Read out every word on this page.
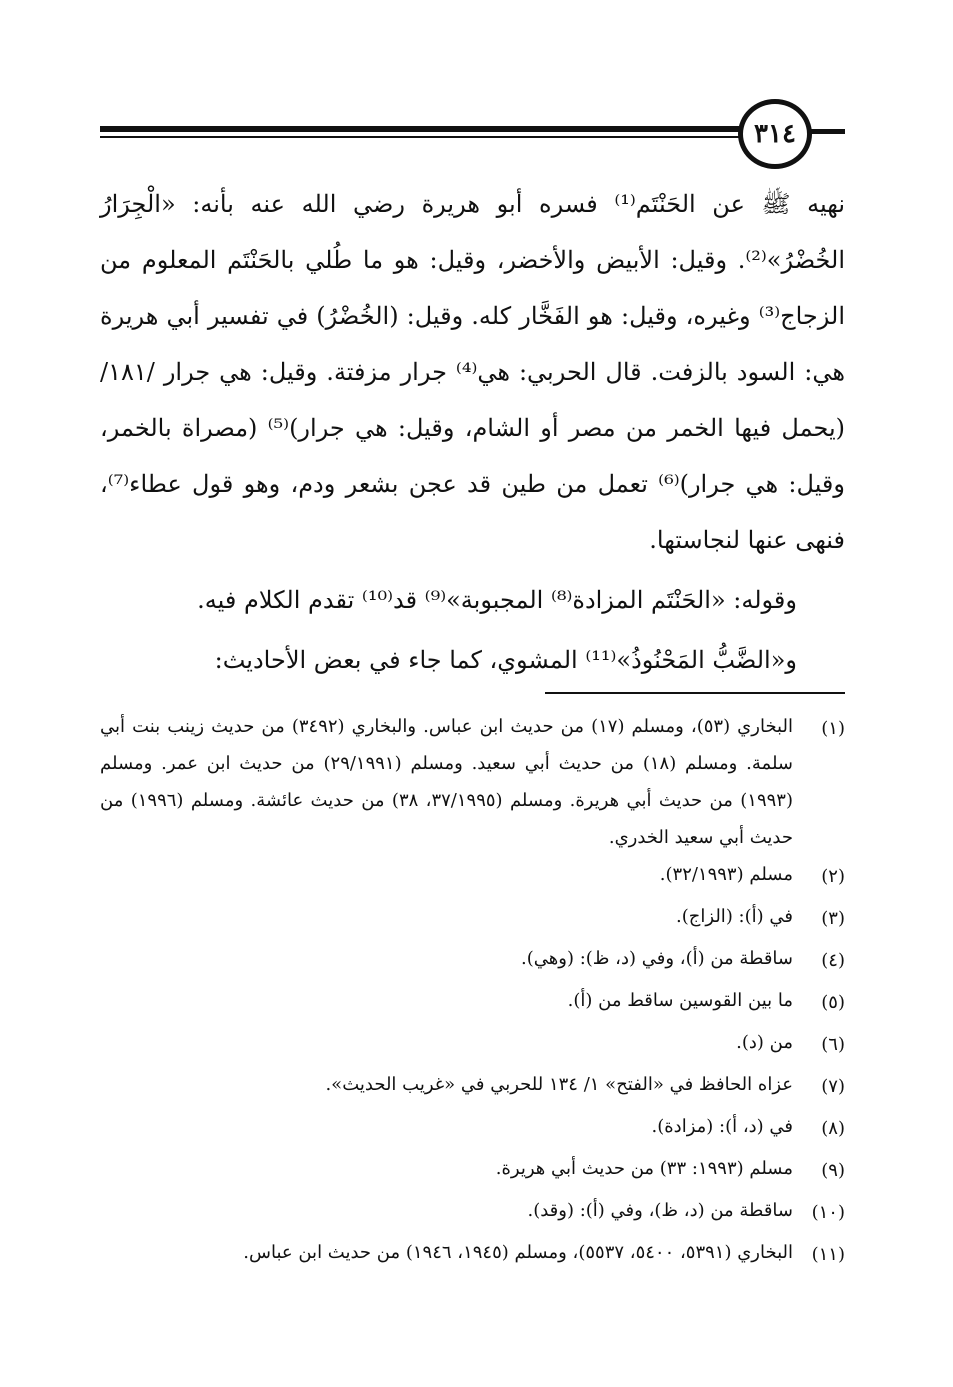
٣١٤

نهيه ﷺ عن الحَنْتَم⁽¹⁾ فسره أبو هريرة رضي الله عنه بأنه: «الْجِرَارُ الخُضْرُ»⁽²⁾. وقيل: الأبيض والأخضر، وقيل: هو ما طُلي بالحَنْتَم المعلوم من الزجاج⁽³⁾ وغيره، وقيل: هو الفَخَّار كله. وقيل: (الخُضْرُ) في تفسير أبي هريرة هي: السود بالزفت. قال الحربي: هي⁽⁴⁾ جرار مزفتة. وقيل: هي جرار /١٨١/ (يحمل فيها الخمر من مصر أو الشام، وقيل: هي جرار)⁽⁵⁾ (مصراة بالخمر، وقيل: هي جرار)⁽⁶⁾ تعمل من طين قد عجن بشعر ودم، وهو قول عطاء⁽⁷⁾، فنهى عنها لنجاستها.

وقوله: «الحَنْتَم المزادة⁽⁸⁾ المجبوبة»⁽⁹⁾ قد⁽¹⁰⁾ تقدم الكلام فيه.

و«الضَّبُّ المَحْنُوذُ»⁽¹¹⁾ المشوي، كما جاء في بعض الأحاديث:

(١)
البخاري (٥٣)، ومسلم (١٧) من حديث ابن عباس. والبخاري (٣٤٩٢) من حديث زينب بنت أبي سلمة. ومسلم (١٨) من حديث أبي سعيد. ومسلم (٢٩/١٩٩١) من حديث ابن عمر. ومسلم (١٩٩٣) من حديث أبي هريرة. ومسلم (٣٧/١٩٩٥، ٣٨) من حديث عائشة. ومسلم (١٩٩٦) من حديث أبي سعيد الخدري.
(٢)
مسلم (٣٢/١٩٩٣).
(٣)
في (أ): (الزاج).
(٤)
ساقطة من (أ)، وفي (د، ظ): (وهي).
(٥)
ما بين القوسين ساقط من (أ).
(٦)
من (د).
(٧)
عزاه الحافظ في «الفتح» ١/ ١٣٤ للحربي في «غريب الحديث».
(٨)
في (د، أ): (مزادة).
(٩)
مسلم (١٩٩٣: ٣٣) من حديث أبي هريرة.
(١٠)
ساقطة من (د، ظ)، وفي (أ): (وقد).
(١١)
البخاري (٥٣٩١، ٥٤٠٠، ٥٥٣٧)، ومسلم (١٩٤٥، ١٩٤٦) من حديث ابن عباس.
